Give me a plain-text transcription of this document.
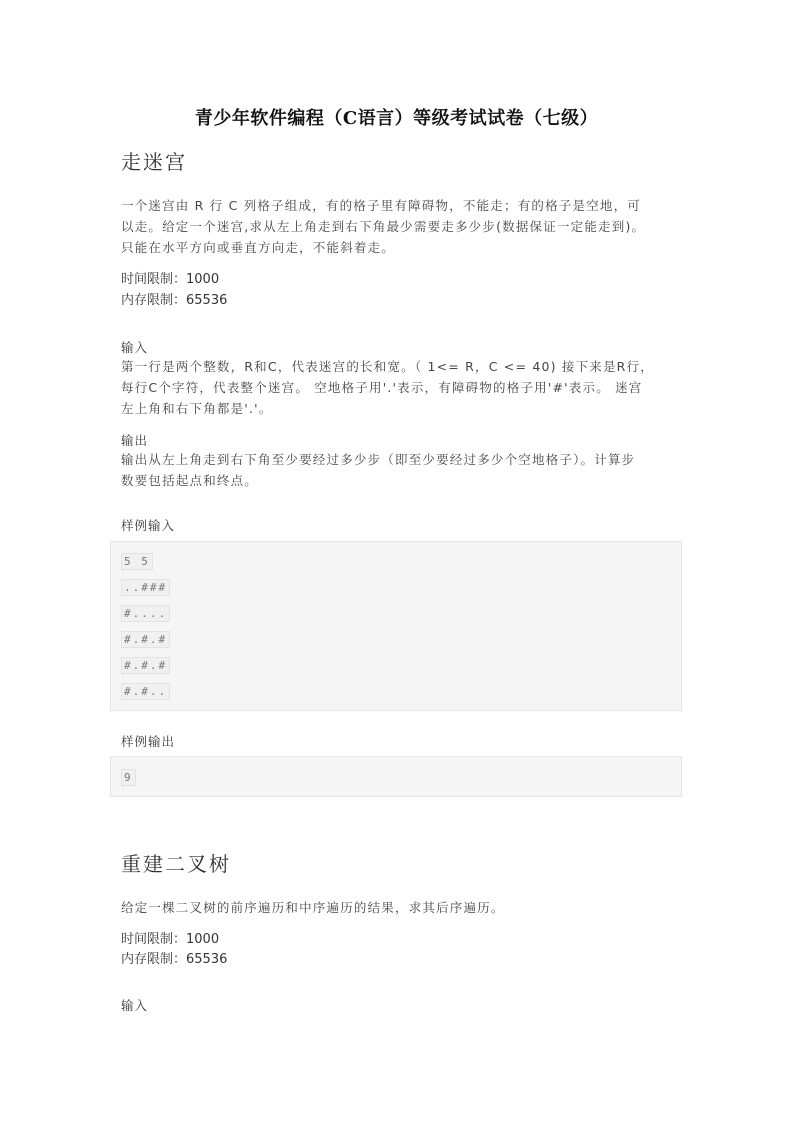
青少年软件编程（C语言）等级考试试卷（七级）
走迷宫
一个迷宫由 R 行 C 列格子组成，有的格子里有障碍物，不能走；有的格子是空地，可
以走。给定一个迷宫,求从左上角走到右下角最少需要走多少步(数据保证一定能走到)。
只能在水平方向或垂直方向走，不能斜着走。
时间限制：1000
内存限制：65536
输入
第一行是两个整数，R和C，代表迷宫的长和宽。（ 1<= R，C <= 40) 接下来是R行，
每行C个字符，代表整个迷宫。 空地格子用'.'表示，有障碍物的格子用'#'表示。 迷宫
左上角和右下角都是'.'。
输出
输出从左上角走到右下角至少要经过多少步（即至少要经过多少个空地格子）。计算步
数要包括起点和终点。
样例输入
5 5
..###
#....
#.#.#
#.#.#
#.#..
样例输出
9
重建二叉树
给定一棵二叉树的前序遍历和中序遍历的结果，求其后序遍历。
时间限制：1000
内存限制：65536
输入
